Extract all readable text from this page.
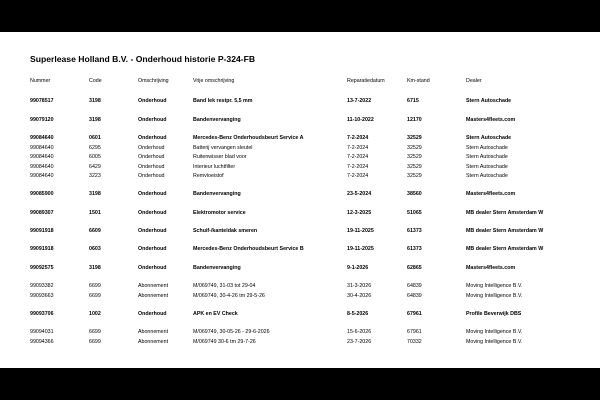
Superlease Holland B.V. - Onderhoud historie P-324-FB
Nummer	Code	Omschrijving	Vrije omschrijving	Reparatiedatum	Km-stand	Dealer
99078517	3198	Onderhoud	Band lek restpr. 5,5 mm	13-7-2022	6715	Stern Autoschade
99079120	3198	Onderhoud	Bandenvervanging	11-10-2022	12170	Masters4fleets.com
99084640	0601	Onderhoud	Mercedes-Benz Onderhoudsbeurt Service A	7-2-2024	32529	Stern Autoschade
99084640	6295	Onderhoud	Batterij vervangen sleutel	7-2-2024	32529	Stern Autoschade
99084640	6005	Onderhoud	Ruitenwisser blad voor	7-2-2024	32529	Stern Autoschade
99084640	6429	Onderhoud	Interieur luchtfilter	7-2-2024	32529	Stern Autoschade
99084640	3223	Onderhoud	Remvloeistof	7-2-2024	32529	Stern Autoschade
99085900	3198	Onderhoud	Bandenvervanging	23-5-2024	38560	Masters4fleets.com
99089307	1501	Onderhoud	Elektromotor service	12-3-2025	51065	MB dealer Stern Amsterdam W
99091918	6609	Onderhoud	Schuif-/kanteldak smeren	19-11-2025	61373	MB dealer Stern Amsterdam W
99091918	0603	Onderhoud	Mercedes-Benz Onderhoudsbeurt Service B	19-11-2025	61373	MB dealer Stern Amsterdam W
99092575	3198	Onderhoud	Bandenvervanging	9-1-2026	62865	Masters4fleets.com
99093382	6699	Abonnement	M/069749, 31-03 tot 29-04	31-3-2026	64839	Moving Intelligence B.V.
99093663	6699	Abonnement	M/069749, 30-4-26 tm 29-5-26	30-4-2026	64839	Moving Intelligence B.V.
99093706	1002	Onderhoud	APK en EV Check	8-5-2026	67961	Profile Beverwijk DBS
99094031	6699	Abonnement	M/069749, 30-05-26 - 29-6-2026	15-6-2026	67961	Moving Intelligence B.V.
99094366	6699	Abonnement	M/069749 30-6 tm 29-7-26	23-7-2026	70332	Moving Intelligence B.V.
